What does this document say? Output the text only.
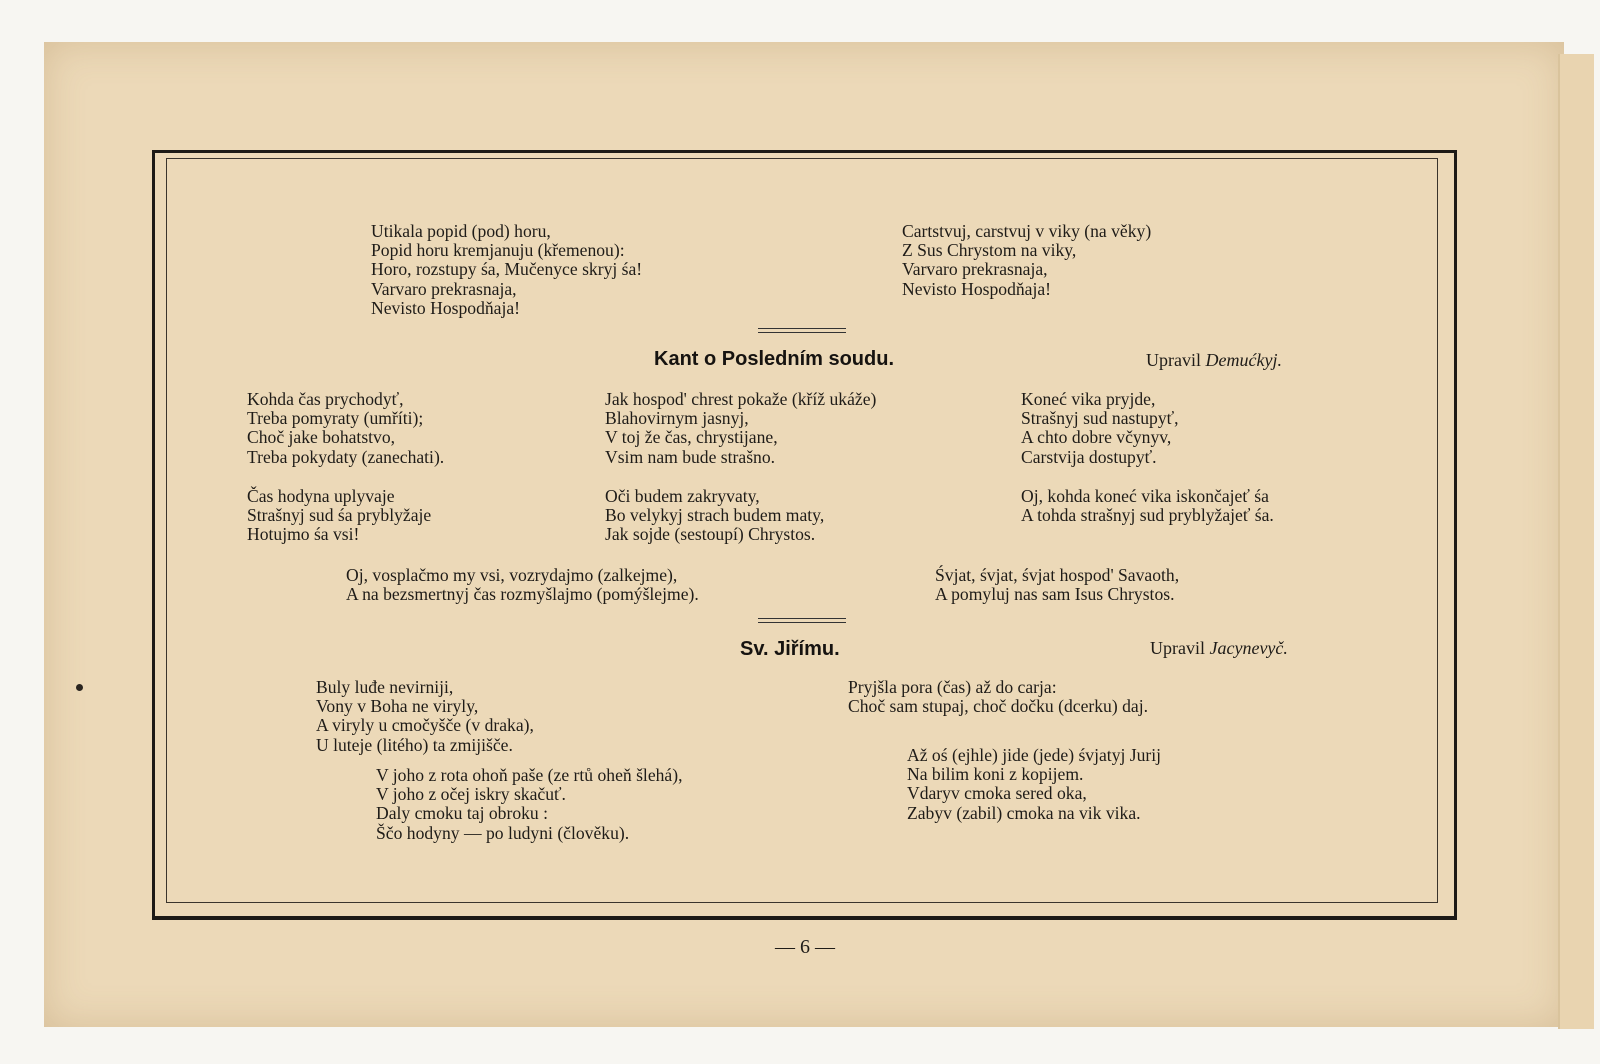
Utikala popid (pod) horu,
Popid horu kremjanuju (křemenou):
Horo, rozstupy śa, Mučenyce skryj śa!
Varvaro prekrasnaja,
Nevisto Hospodňaja!
Cartstvuj, carstvuj v viky (na věky)
Z Sus Chrystom na viky,
Varvaro prekrasnaja,
Nevisto Hospodňaja!
Kant o Posledním soudu.	Upravil Demućkyj.

Kohda čas prychodyť,
Treba pomyraty (umříti);
Choč jake bohatstvo,
Treba pokydaty (zanechati).
Čas hodyna uplyvaje
Strašnyj sud śa pryblyžaje
Hotujmo śa vsi!
Jak hospod' chrest pokaže (kříž ukáže)
Blahovirnym jasnyj,
V toj že čas, chrystijane,
Vsim nam bude strašno.
Oči budem zakryvaty,
Bo velykyj strach budem maty,
Jak sojde (sestoupí) Chrystos.
Koneć vika pryjde,
Strašnyj sud nastupyť,
A chto dobre včynyv,
Carstvija dostupyť.
Oj, kohda koneć vika iskončajeť śa
A tohda strašnyj sud pryblyžajeť śa.
Oj, vosplačmo my vsi, vozrydajmo (zalkejme),
A na bezsmertnyj čas rozmyšlajmo (pomýšlejme).
Śvjat, śvjat, śvjat hospod' Savaoth,
A pomyluj nas sam Isus Chrystos.
Sv. Jiřímu.	Upravil Jacynevyč.

Buly luđe nevirniji,
Vony v Boha ne viryly,
A viryly u cmočyšče (v draka),
U luteje (litého) ta zmijišče.
V joho z rota ohoň paše (ze rtů oheň šlehá),
V joho z očej iskry skačuť.
Daly cmoku taj obroku :
Ščo hodyny — po ludyni (člověku).
Pryjšla pora (čas) až do carja:
Choč sam stupaj, choč dočku (dcerku) daj.
Až oś (ejhle) jide (jede) śvjatyj Jurij
Na bilim koni z kopijem.
Vdaryv cmoka sered oka,
Zabyv (zabil) cmoka na vik vika.

— 6 —
